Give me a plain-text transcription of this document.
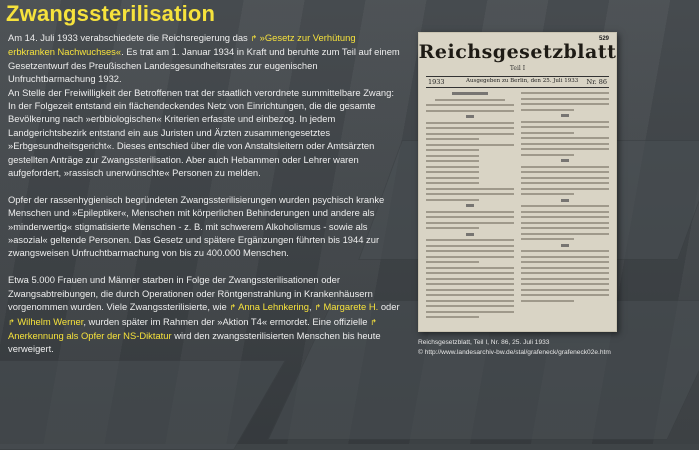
Zwangssterilisation

Am 14. Juli 1933 verabschiedete die Reichsregierung das ↱ »Gesetz zur Verhütung erbkranken Nachwuchses«. Es trat am 1. Januar 1934 in Kraft und beruhte zum Teil auf einem Gesetzentwurf des Preußischen Landesgesundheitsrates zur eugenischen Unfruchtbarmachung 1932.

An Stelle der Freiwilligkeit der Betroffenen trat der staatlich verordnete summittelbare Zwang: In der Folgezeit entstand ein flächendeckendes Netz von Einrichtungen, die die gesamte Bevölkerung nach »erbbiologischen« Kriterien erfasste und einbezog. In jedem Landgerichtsbezirk entstand ein aus Juristen und Ärzten zusammengesetztes »Erbgesundheitsgericht«. Dieses entschied über die von Anstaltsleitern oder Amtsärzten gestellten Anträge zur Zwangssterilisation. Aber auch Hebammen oder Lehrer waren aufgefordert, »rassisch unerwünschte« Personen zu melden.

Opfer der rassenhygienisch begründeten Zwangssterilisierungen wurden psychisch kranke Menschen und »Epileptiker«, Menschen mit körperlichen Behinderungen und andere als »minderwertig« stigmatisierte Menschen - z. B. mit schwerem Alkoholismus - sowie als »asozial« geltende Personen. Das Gesetz und spätere Ergänzungen führten bis 1944 zur zwangsweisen Unfruchtbarmachung von bis zu 400.000 Menschen.

Etwa 5.000 Frauen und Männer starben in Folge der Zwangssterilisationen oder Zwangsabtreibungen, die durch Operationen oder Röntgenstrahlung in Krankenhäusern vorgenommen wurden. Viele Zwangssterilisierte, wie ↱ Anna Lehnkering, ↱ Margarete H. oder ↱ Wilhelm Werner, wurden später im Rahmen der »Aktion T4« ermordet. Eine offizielle ↱ Anerkennung als Opfer der NS-Diktatur wird den zwangssterilisierten Menschen bis heute verweigert.

529
Reichsgesetzblatt
Teil I
1933	Ausgegeben zu Berlin, den 25. Juli 1933 Nr. 86
Reichsgesetzblatt, Teil I, Nr. 86, 25. Juli 1933
© http://www.landesarchiv-bw.de/stal/grafeneck/grafeneck02e.htm
